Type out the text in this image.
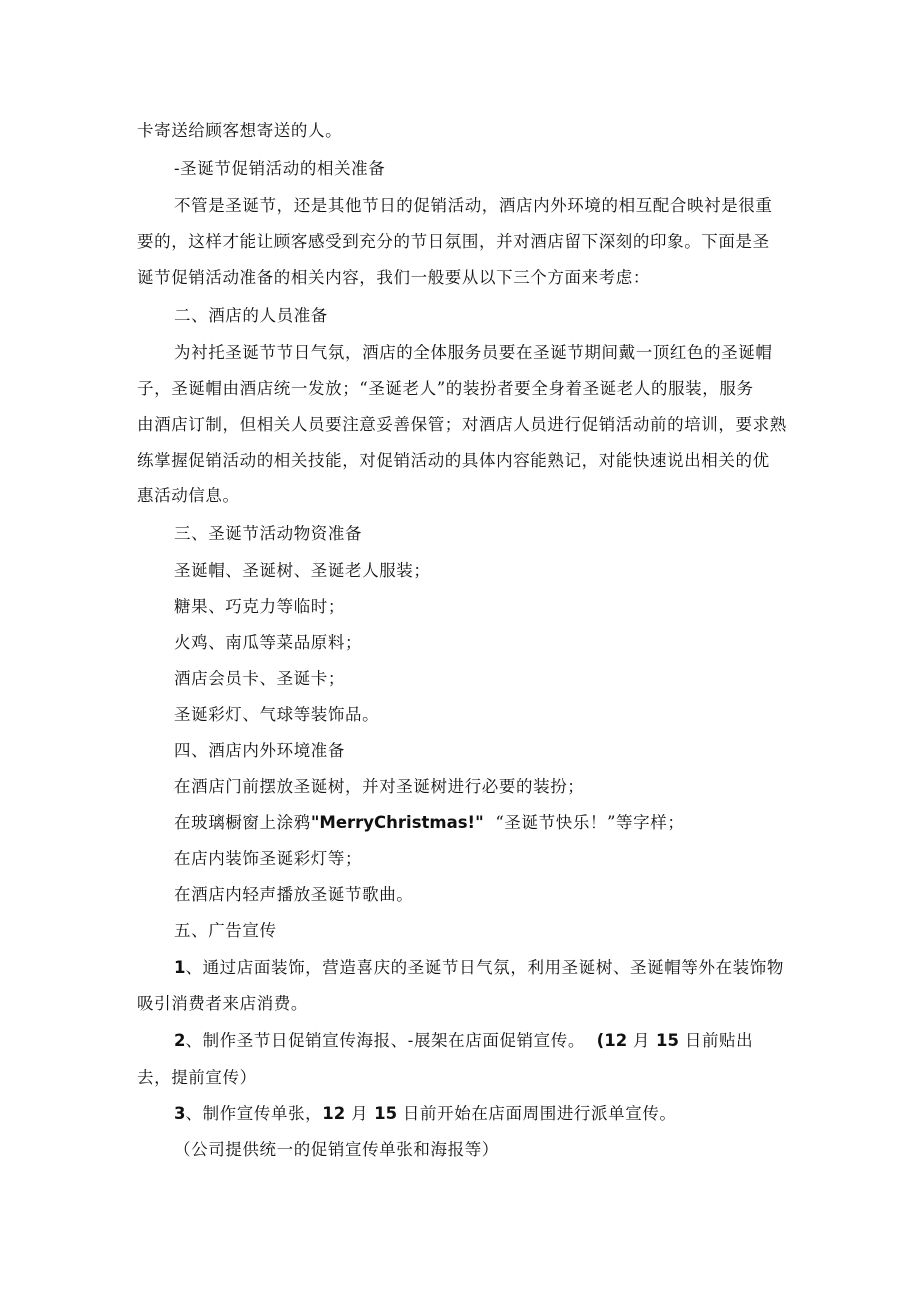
卡寄送给顾客想寄送的人。
-圣诞节促销活动的相关准备
不管是圣诞节，还是其他节日的促销活动，酒店内外环境的相互配合映衬是很重
要的，这样才能让顾客感受到充分的节日氛围，并对酒店留下深刻的印象。下面是圣
诞节促销活动准备的相关内容，我们一般要从以下三个方面来考虑：
二、酒店的人员准备
为衬托圣诞节节日气氛，酒店的全体服务员要在圣诞节期间戴一顶红色的圣诞帽
子，圣诞帽由酒店统一发放；“圣诞老人”的装扮者要全身着圣诞老人的服装，服务
由酒店订制，但相关人员要注意妥善保管；对酒店人员进行促销活动前的培训，要求熟
练掌握促销活动的相关技能，对促销活动的具体内容能熟记，对能快速说出相关的优
惠活动信息。
三、圣诞节活动物资准备
圣诞帽、圣诞树、圣诞老人服装；
糖果、巧克力等临时；
火鸡、南瓜等菜品原料；
酒店会员卡、圣诞卡；
圣诞彩灯、气球等装饰品。
四、酒店内外环境准备
在酒店门前摆放圣诞树，并对圣诞树进行必要的装扮；
在玻璃橱窗上涂鸦"MerryChristmas!" “圣诞节快乐！”等字样；
在店内装饰圣诞彩灯等；
在酒店内轻声播放圣诞节歌曲。
五、广告宣传
1、通过店面装饰，营造喜庆的圣诞节日气氛，利用圣诞树、圣诞帽等外在装饰物
吸引消费者来店消费。
2、制作圣节日促销宣传海报、-展架在店面促销宣传。 (12 月 15 日前贴出
去，提前宣传）
3、制作宣传单张，12 月 15 日前开始在店面周围进行派单宣传。
（公司提供统一的促销宣传单张和海报等）
